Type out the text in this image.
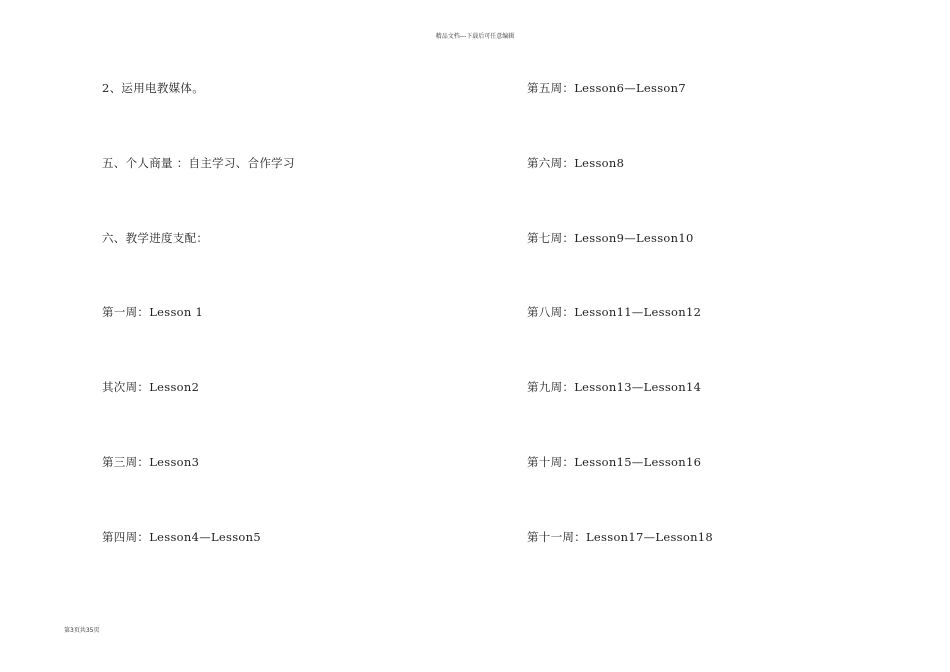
精品文档---下载后可任意编辑
2、运用电教媒体。
五、个人商量 ：自主学习、合作学习
六、教学进度支配：
第一周：Lesson 1
其次周：Lesson2
第三周：Lesson3
第四周：Lesson4—Lesson5
第五周：Lesson6—Lesson7
第六周：Lesson8
第七周：Lesson9—Lesson10
第八周：Lesson11—Lesson12
第九周：Lesson13—Lesson14
第十周：Lesson15—Lesson16
第十一周：Lesson17—Lesson18
第3页共35页
